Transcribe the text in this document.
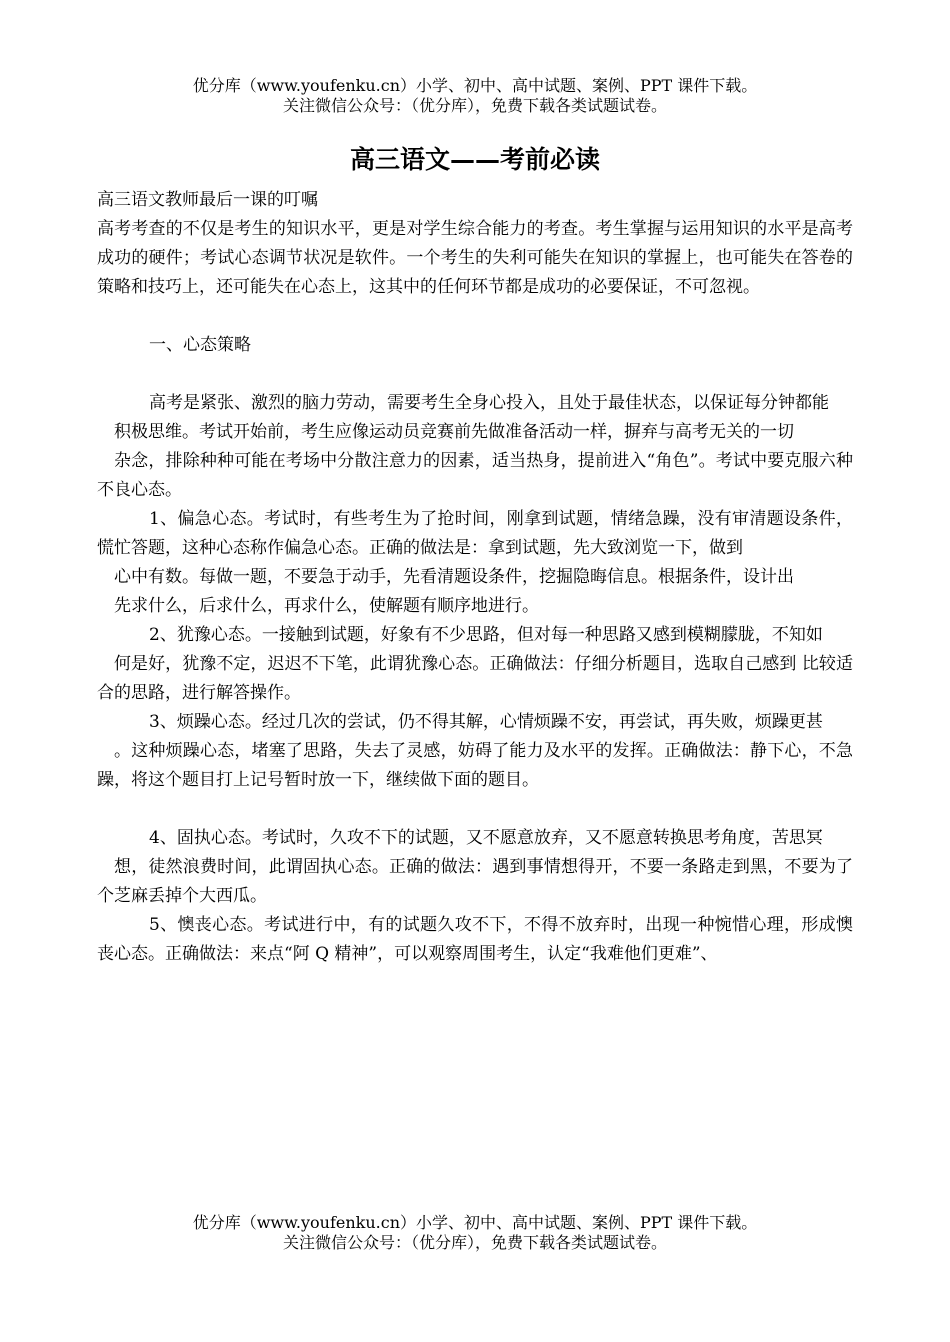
优分库（www.youfenku.cn）小学、初中、高中试题、案例、PPT 课件下载。
关注微信公众号：（优分库），免费下载各类试题试卷。
高三语文——考前必读

高三语文教师最后一课的叮嘱

高考考查的不仅是考生的知识水平，更是对学生综合能力的考查。考生掌握与运用知识的水平是高考成功的硬件；考试心态调节状况是软件。一个考生的失利可能失在知识的掌握上，也可能失在答卷的策略和技巧上，还可能失在心态上，这其中的任何环节都是成功的必要保证，不可忽视。

一、心态策略

高考是紧张、激烈的脑力劳动，需要考生全身心投入，且处于最佳状态，以保证每分钟都能

积极思维。考试开始前，考生应像运动员竞赛前先做准备活动一样，摒弃与高考无关的一切

杂念，排除种种可能在考场中分散注意力的因素，适当热身，提前进入“角色”。考试中要克服六种不良心态。

1、偏急心态。考试时，有些考生为了抢时间，刚拿到试题，情绪急躁，没有审清题设条件，慌忙答题，这种心态称作偏急心态。正确的做法是：拿到试题，先大致浏览一下，做到

心中有数。每做一题，不要急于动手，先看清题设条件，挖掘隐晦信息。根据条件，设计出

先求什么，后求什么，再求什么，使解题有顺序地进行。

2、犹豫心态。一接触到试题，好象有不少思路，但对每一种思路又感到模糊朦胧，不知如

何是好，犹豫不定，迟迟不下笔，此谓犹豫心态。正确做法：仔细分析题目，选取自己感到 比较适合的思路，进行解答操作。

3、烦躁心态。经过几次的尝试，仍不得其解，心情烦躁不安，再尝试，再失败，烦躁更甚

。这种烦躁心态，堵塞了思路，失去了灵感，妨碍了能力及水平的发挥。正确做法：静下心，不急躁，将这个题目打上记号暂时放一下，继续做下面的题目。

4、固执心态。考试时，久攻不下的试题，又不愿意放弃，又不愿意转换思考角度，苦思冥

想，徒然浪费时间，此谓固执心态。正确的做法：遇到事情想得开，不要一条路走到黑，不要为了个芝麻丢掉个大西瓜。

5、懊丧心态。考试进行中，有的试题久攻不下，不得不放弃时，出现一种惋惜心理，形成懊丧心态。正确做法：来点“阿 Q 精神”，可以观察周围考生，认定“我难他们更难”、

优分库（www.youfenku.cn）小学、初中、高中试题、案例、PPT 课件下载。
关注微信公众号：（优分库），免费下载各类试题试卷。
